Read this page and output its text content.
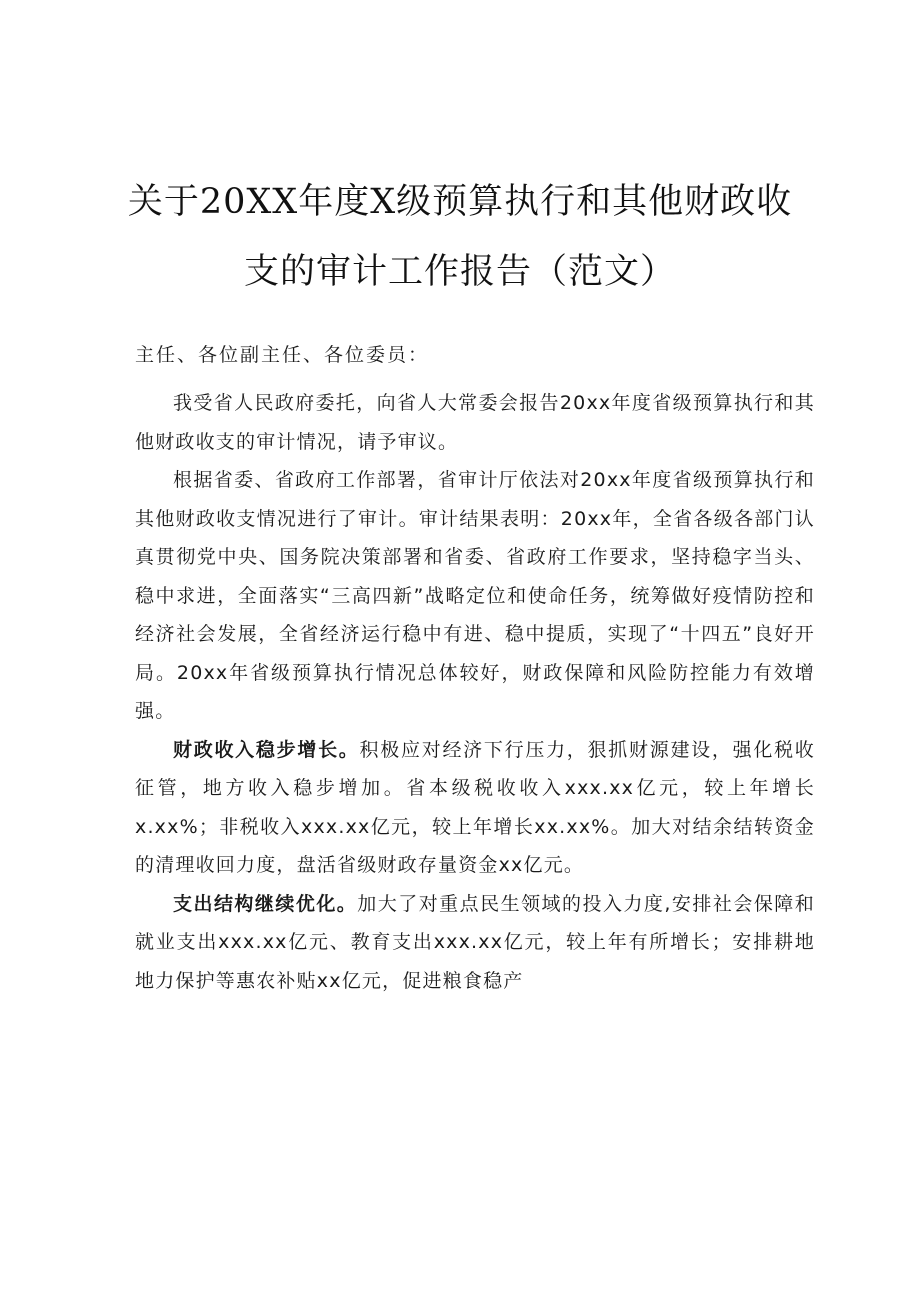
关于20XX年度X级预算执行和其他财政收
支的审计工作报告（范文）
主任、各位副主任、各位委员：

我受省人民政府委托，向省人大常委会报告20xx年度省级预算执行和其他财政收支的审计情况，请予审议。

根据省委、省政府工作部署，省审计厅依法对20xx年度省级预算执行和其他财政收支情况进行了审计。审计结果表明：20xx年，全省各级各部门认真贯彻党中央、国务院决策部署和省委、省政府工作要求，坚持稳字当头、稳中求进，全面落实“三高四新”战略定位和使命任务，统筹做好疫情防控和经济社会发展，全省经济运行稳中有进、稳中提质，实现了“十四五”良好开局。20xx年省级预算执行情况总体较好，财政保障和风险防控能力有效增强。

财政收入稳步增长。积极应对经济下行压力，狠抓财源建设，强化税收征管，地方收入稳步增加。省本级税收收入xxx.xx亿元，较上年增长x.xx%；非税收入xxx.xx亿元，较上年增长xx.xx%。加大对结余结转资金的清理收回力度，盘活省级财政存量资金xx亿元。

支出结构继续优化。加大了对重点民生领域的投入力度,安排社会保障和就业支出xxx.xx亿元、教育支出xxx.xx亿元，较上年有所增长；安排耕地地力保护等惠农补贴xx亿元，促进粮食稳产
